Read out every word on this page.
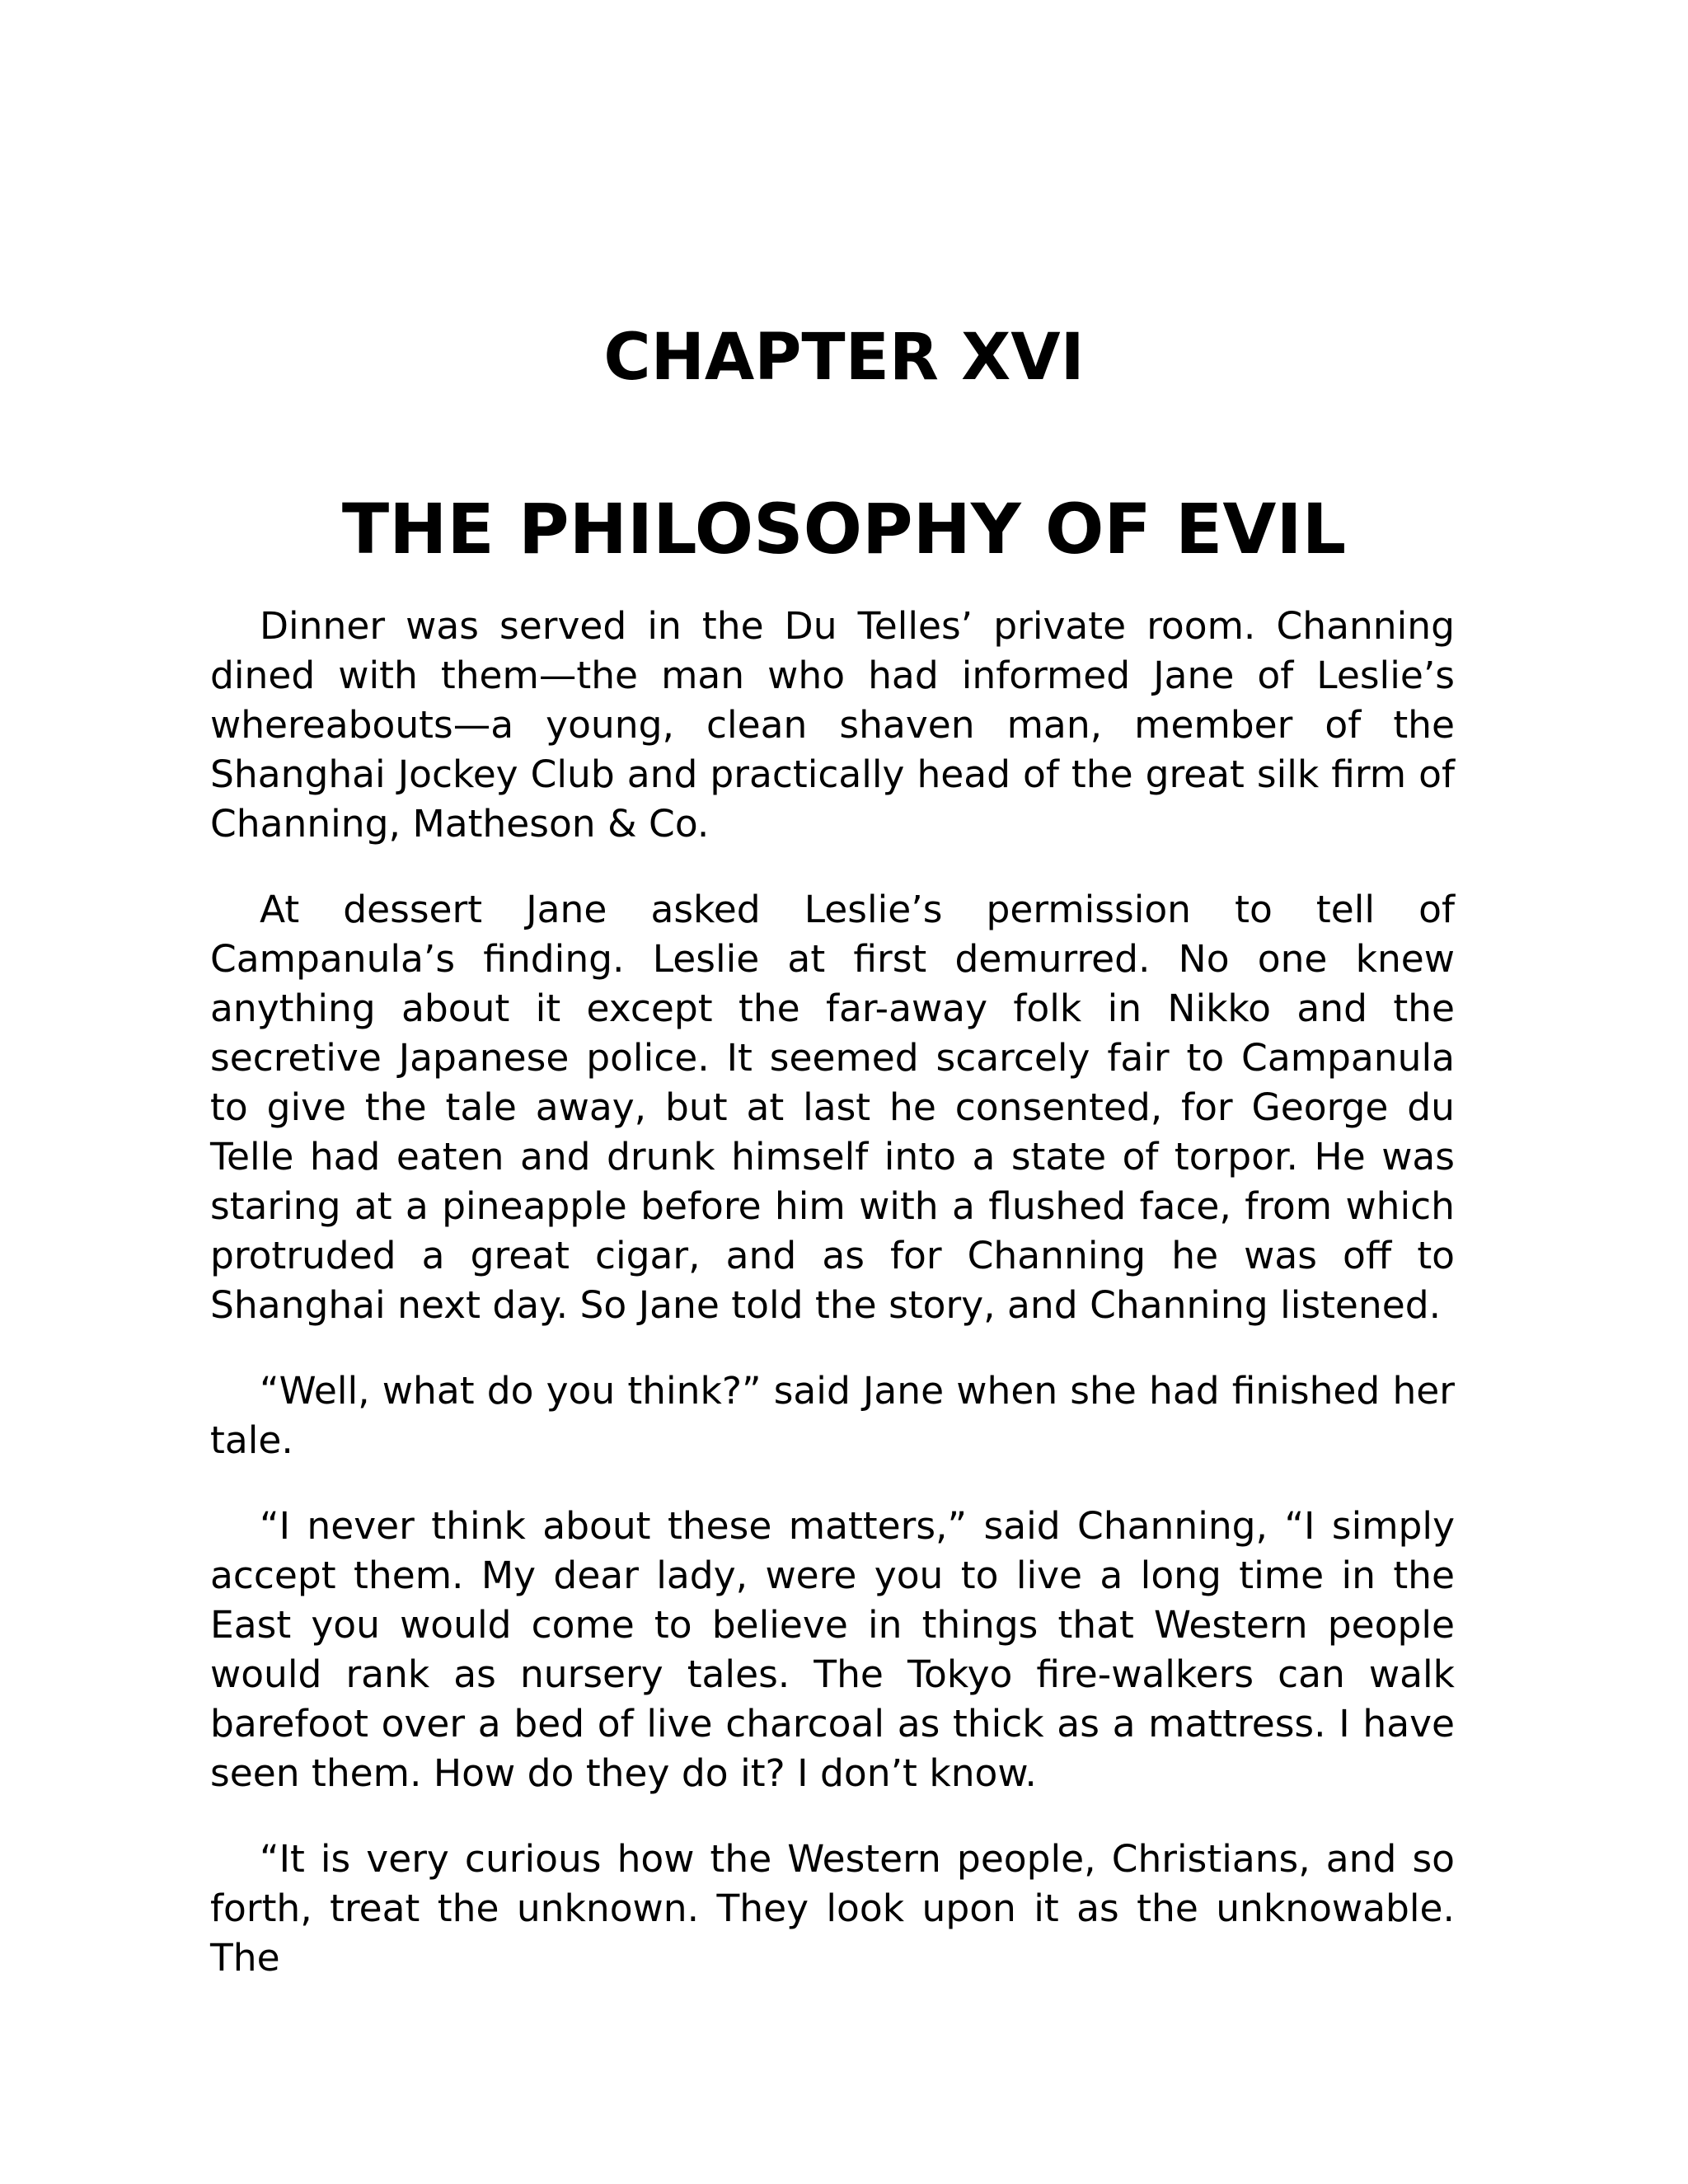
CHAPTER XVI
THE PHILOSOPHY OF EVIL

Dinner was served in the Du Telles’ private room. Channing dined with them—the man who had informed Jane of Leslie’s whereabouts—a young, clean shaven man, member of the Shanghai Jockey Club and practically head of the great silk firm of Channing, Matheson & Co.

At dessert Jane asked Leslie’s permission to tell of Campanula’s finding. Leslie at first demurred. No one knew anything about it except the far-away folk in Nikko and the secretive Japanese police. It seemed scarcely fair to Campanula to give the tale away, but at last he consented, for George du Telle had eaten and drunk himself into a state of torpor. He was staring at a pineapple before him with a flushed face, from which protruded a great cigar, and as for Channing he was off to Shanghai next day. So Jane told the story, and Channing listened.

“Well, what do you think?” said Jane when she had finished her tale.

“I never think about these matters,” said Channing, “I simply accept them. My dear lady, were you to live a long time in the East you would come to believe in things that Western people would rank as nursery tales. The Tokyo fire-walkers can walk barefoot over a bed of live charcoal as thick as a mattress. I have seen them. How do they do it? I don’t know.

“It is very curious how the Western people, Christians, and so forth, treat the unknown. They look upon it as the unknowable. The
